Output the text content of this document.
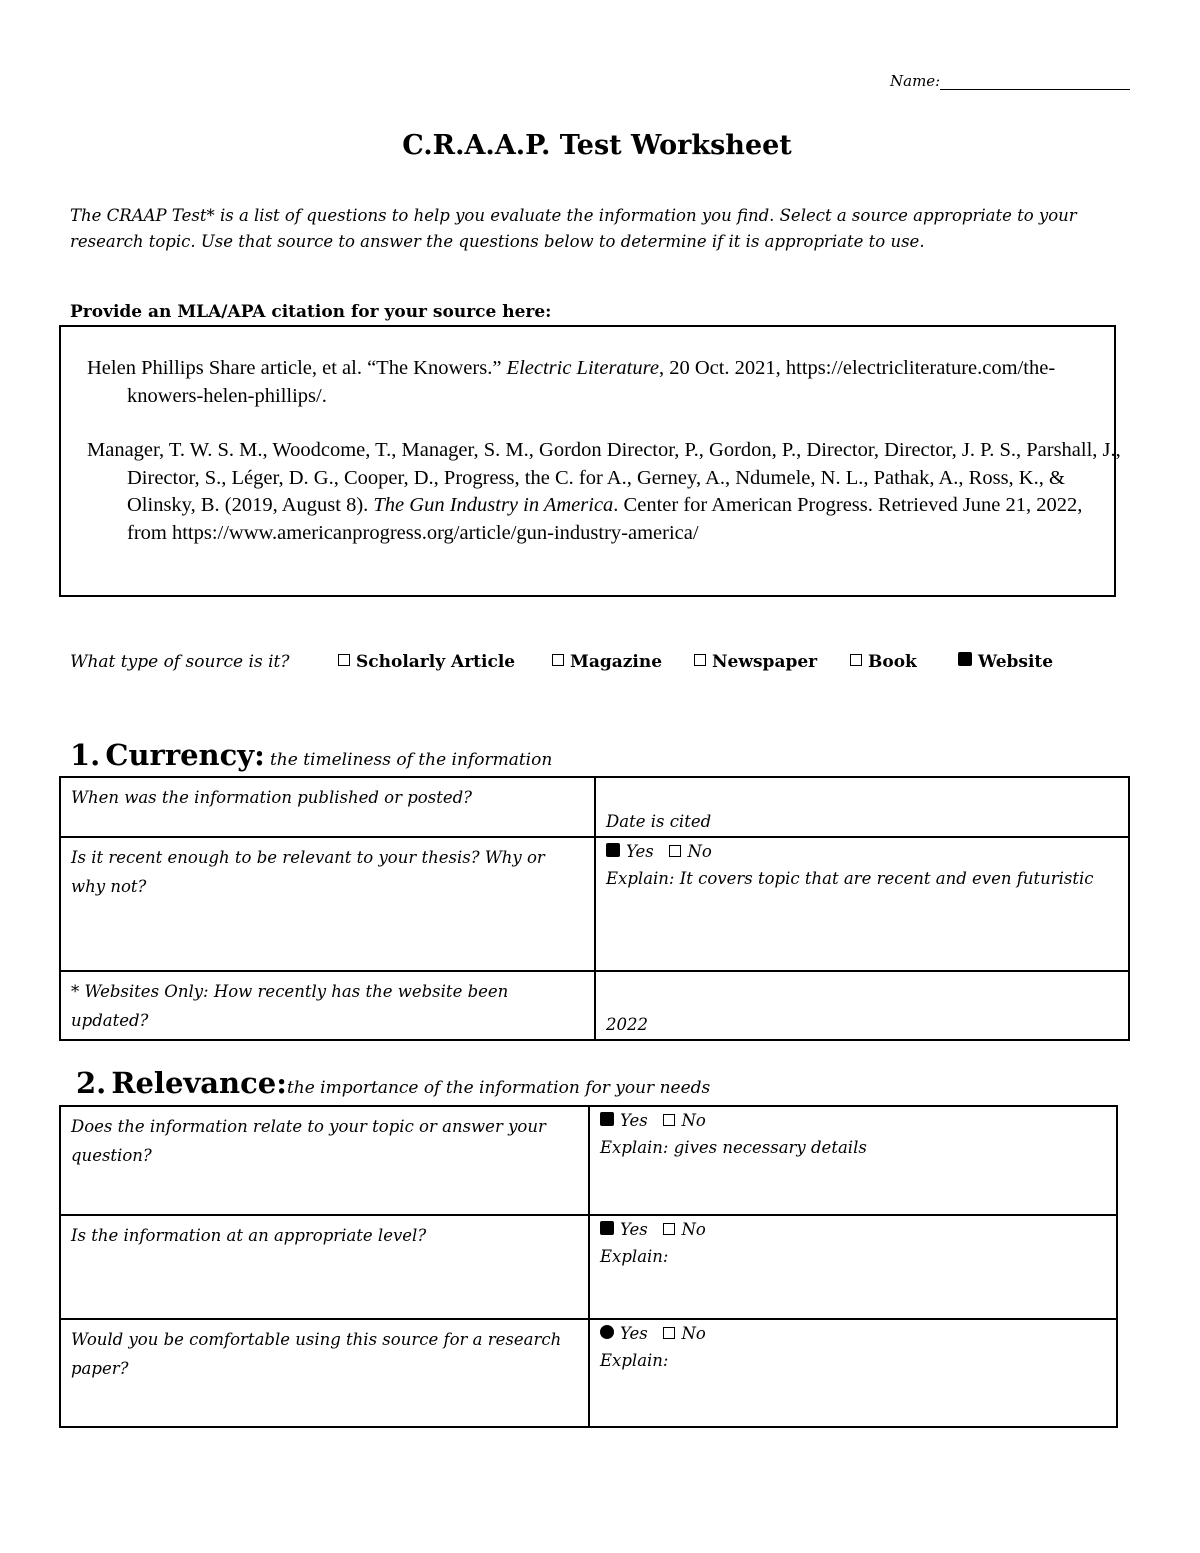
Name:
C.R.A.A.P. Test Worksheet

The CRAAP Test* is a list of questions to help you evaluate the information you find. Select a source appropriate to your

research topic. Use that source to answer the questions below to determine if it is appropriate to use.

Provide an MLA/APA citation for your source here:
Helen Phillips Share article, et al. “The Knowers.” Electric Literature, 20 Oct. 2021, https://electricliterature.com/the-knowers-helen-phillips/.
Manager, T. W. S. M., Woodcome, T., Manager, S. M., Gordon Director, P., Gordon, P., Director, Director, J. P. S., Parshall, J., Director, S., Léger, D. G., Cooper, D., Progress, the C. for A., Gerney, A., Ndumele, N. L., Pathak, A., Ross, K., & Olinsky, B. (2019, August 8). The Gun Industry in America. Center for American Progress. Retrieved June 21, 2022, from https://www.americanprogress.org/article/gun-industry-america/
What type of source is it?	Scholarly Article	Magazine	Newspaper	Book	Website
1. Currency: the timeliness of the information
When was the information published or posted?	Date is cited
Is it recent enough to be relevant to your thesis? Why or why not?	Yes No
Explain: It covers topic that are recent and even futuristic

* Websites Only: How recently has the website been updated?	2022
2. Relevance:the importance of the information for your needs
Does the information relate to your topic or answer your question?	Yes No
Explain: gives necessary details

Is the information at an appropriate level?	Yes No
Explain:

Would you be comfortable using this source for a research paper?	Yes No
Explain:
